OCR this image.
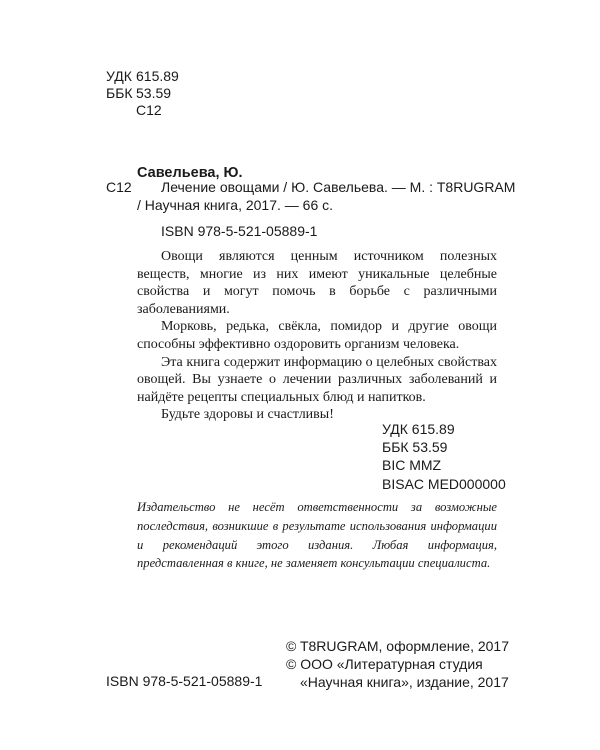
УДК 615.89
ББК 53.59
С12
Савельева, Ю.
С12	Лечение овощами / Ю. Савельева. — М. : T8RUGRAM
/ Научная книга, 2017. — 66 с.
ISBN 978-5-521-05889-1

Овощи являются ценным источником полезных веществ, многие из них имеют уникальные целебные свойства и могут помочь в борьбе с различными заболеваниями.

Морковь, редька, свёкла, помидор и другие овощи способны эффективно оздоровить организм человека.

Эта книга содержит информацию о целебных свойствах овощей. Вы узнаете о лечении различных заболеваний и найдёте рецепты специальных блюд и напитков.

Будьте здоровы и счастливы!

УДК 615.89
ББК 53.59
BIC MMZ
BISAC MED000000
Издательство не несёт ответственности за возможные последствия, возникшие в результате использования информации и рекомендаций этого издания. Любая информация, представленная в книге, не заменяет консультации специалиста.
© T8RUGRAM, оформление, 2017
© ООО «Литературная студия
«Научная книга», издание, 2017
ISBN 978-5-521-05889-1
